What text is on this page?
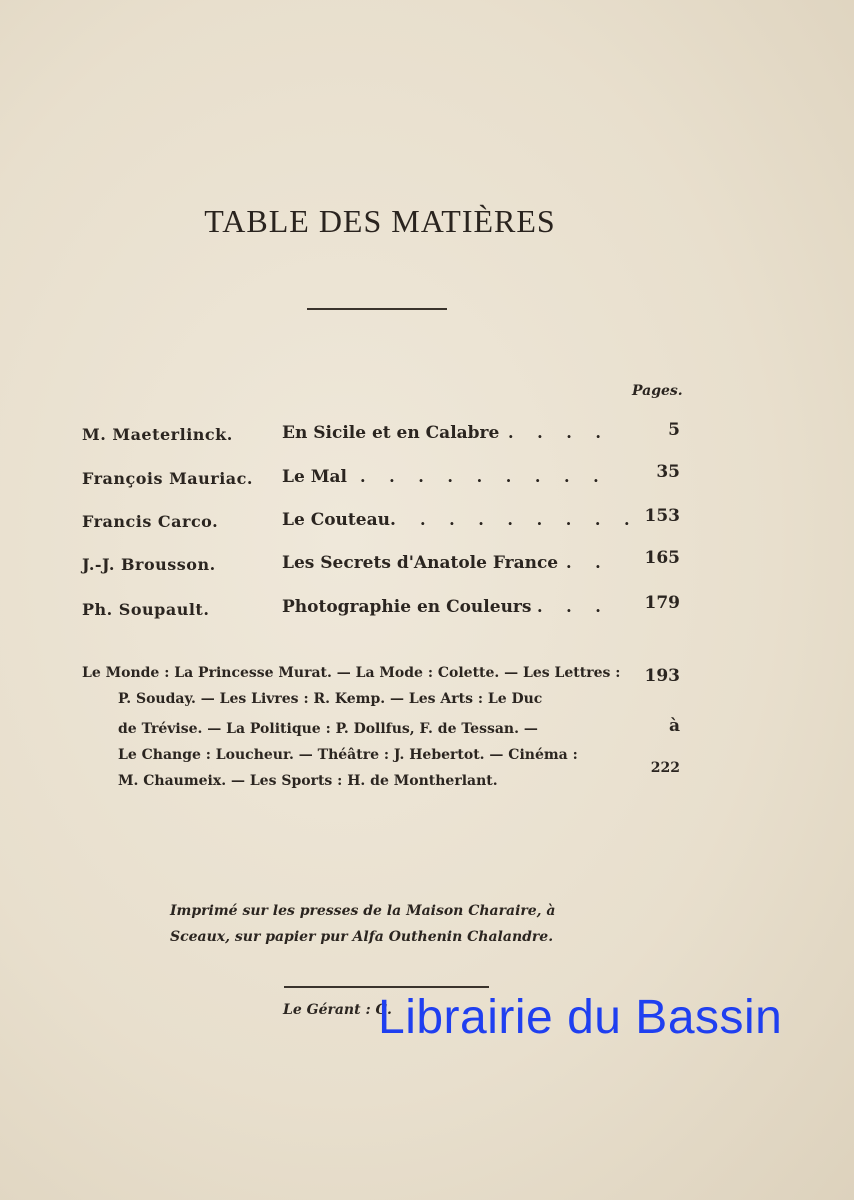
TABLE DES MATIÈRES
Pages.
M. Maeterlinck.	En Sicile et en Calabre . . . .	5
François Mauriac. Le Mal . . . . . . . . .	35
Francis Carco.	Le Couteau. . . . . . . . . 153
J.-J. Brousson.	Les Secrets d'Anatole France . . 165
Ph. Soupault.	Photographie en Couleurs . . . 179
Le Monde : La Princesse Murat. — La Mode : Colette. — Les Lettres :
P. Souday. — Les Livres : R. Kemp. — Les Arts : Le Duc
de Trévise. — La Politique : P. Dollfus, F. de Tessan. —
Le Change : Loucheur. — Théâtre : J. Hebertot. — Cinéma :
M. Chaumeix. — Les Sports : H. de Montherlant.
193
à
222
Imprimé sur les presses de la Maison Charaire, à
Sceaux, sur papier pur Alfa Outhenin Chalandre.
Le Gérant : G.
Librairie du Bassin
